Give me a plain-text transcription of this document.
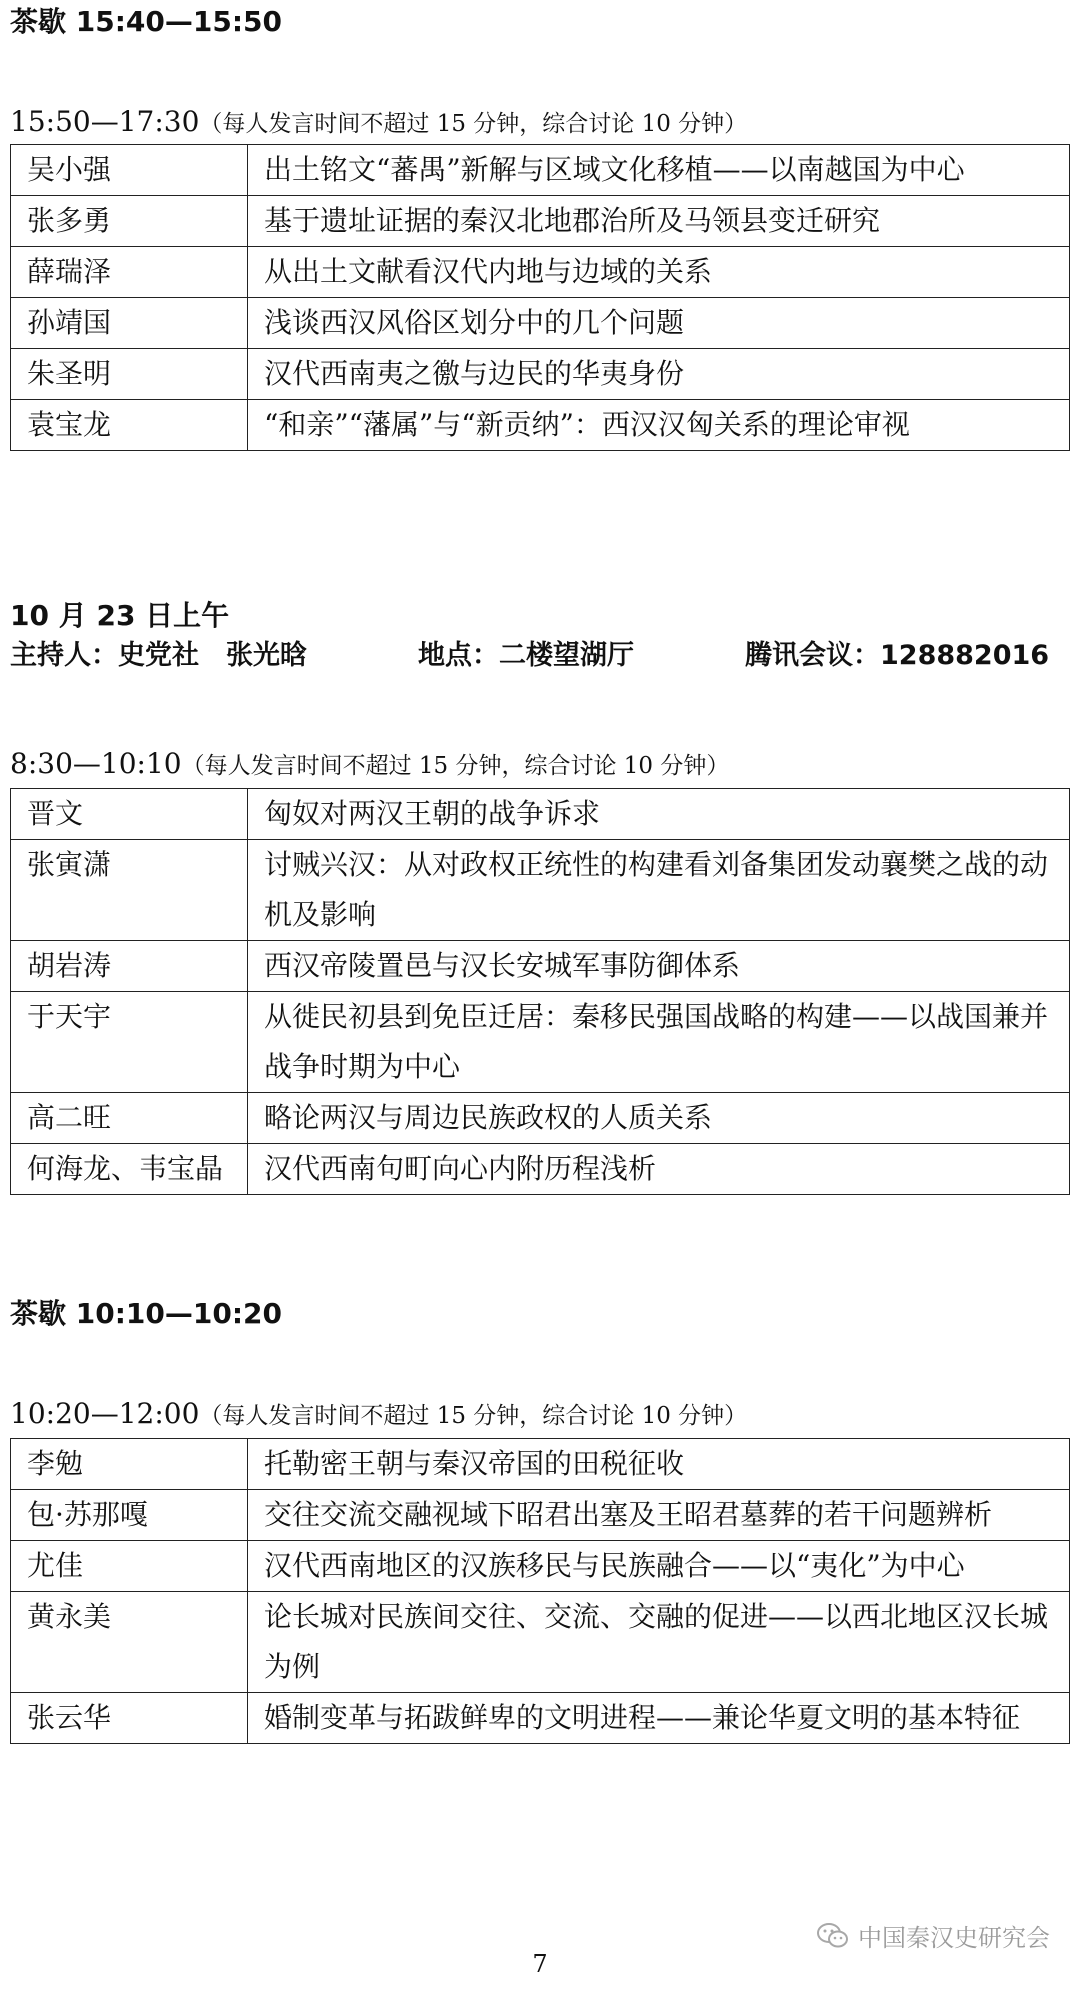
茶歇 15:40—15:50
15:50—17:30（每人发言时间不超过 15 分钟，综合讨论 10 分钟）
吴小强	出土铭文“蕃禺”新解与区域文化移植——以南越国为中心
张多勇	基于遗址证据的秦汉北地郡治所及马领县变迁研究
薛瑞泽	从出土文献看汉代内地与边域的关系
孙靖国	浅谈西汉风俗区划分中的几个问题
朱圣明	汉代西南夷之徼与边民的华夷身份
袁宝龙	“和亲”“藩属”与“新贡纳”：西汉汉匈关系的理论审视
10 月 23 日上午
主持人：史党社　张光晗	地点：二楼望湖厅	腾讯会议：128882016
8:30—10:10（每人发言时间不超过 15 分钟，综合讨论 10 分钟）
晋文	匈奴对两汉王朝的战争诉求
张寅潇	讨贼兴汉：从对政权正统性的构建看刘备集团发动襄樊之战的动机及影响
胡岩涛	西汉帝陵置邑与汉长安城军事防御体系
于天宇	从徙民初县到免臣迁居：秦移民强国战略的构建——以战国兼并战争时期为中心
高二旺	略论两汉与周边民族政权的人质关系
何海龙、韦宝晶	汉代西南句町向心内附历程浅析
茶歇 10:10—10:20
10:20—12:00（每人发言时间不超过 15 分钟，综合讨论 10 分钟）
李勉	托勒密王朝与秦汉帝国的田税征收
包·苏那嘎	交往交流交融视域下昭君出塞及王昭君墓葬的若干问题辨析
尤佳	汉代西南地区的汉族移民与民族融合——以“夷化”为中心
黄永美	论长城对民族间交往、交流、交融的促进——以西北地区汉长城为例
张云华	婚制变革与拓跋鲜卑的文明进程——兼论华夏文明的基本特征
中国秦汉史研究会
7
